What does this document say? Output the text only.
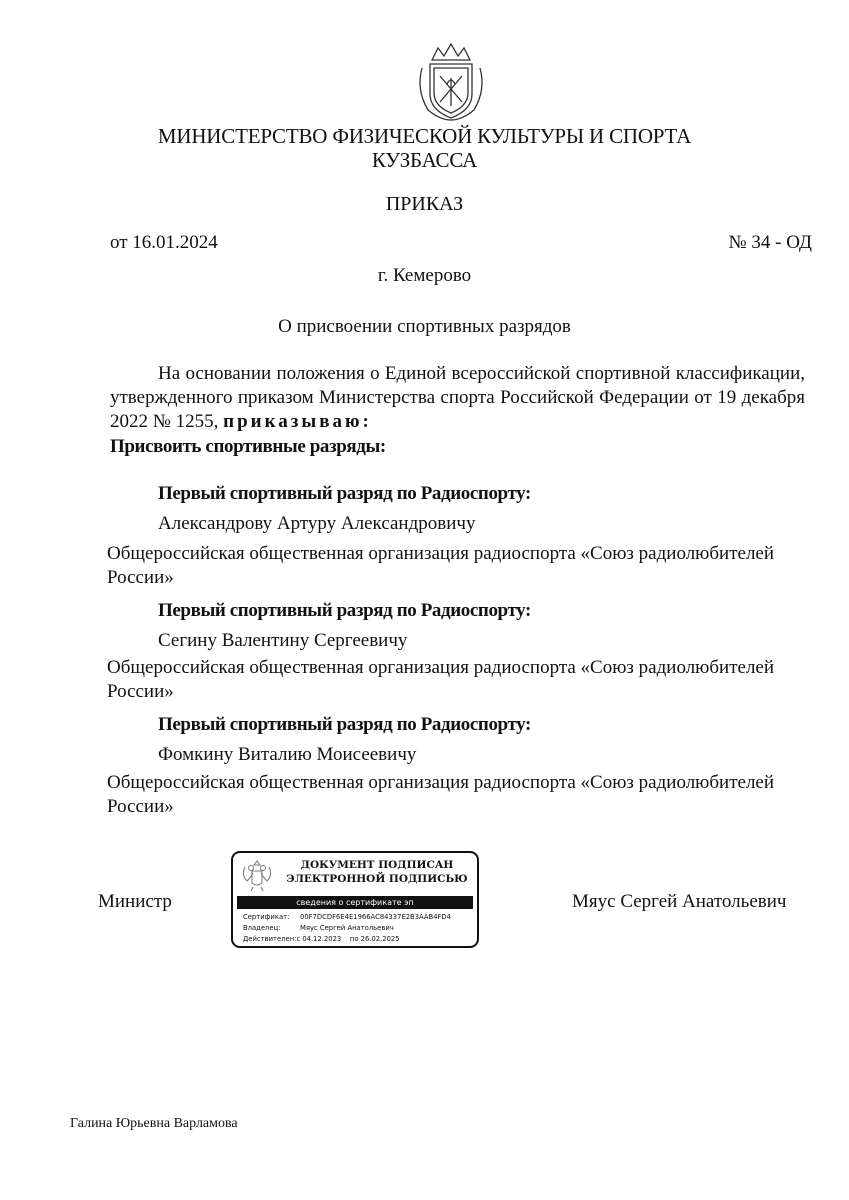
МИНИСТЕРСТВО ФИЗИЧЕСКОЙ КУЛЬТУРЫ И СПОРТА
КУЗБАССА
ПРИКАЗ
от 16.01.2024	№ 34 - ОД
г. Кемерово
О присвоении спортивных разрядов
На основании положения о Единой всероссийской спортивной классификации, утвержденного приказом Министерства спорта Российской Федерации от 19 декабря 2022 № 1255, приказываю:
Присвоить спортивные разряды:
Первый спортивный разряд по Радиоспорту:
Александрову Артуру Александровичу
Общероссийская общественная организация радиоспорта «Союз радиолюбителей России»
Первый спортивный разряд по Радиоспорту:
Сегину Валентину Сергеевичу
Общероссийская общественная организация радиоспорта «Союз радиолюбителей России»
Первый спортивный разряд по Радиоспорту:
Фомкину Виталию Моисеевичу
Общероссийская общественная организация радиоспорта «Союз радиолюбителей России»
Министр
ДОКУМЕНТ ПОДПИСАН
ЭЛЕКТРОННОЙ ПОДПИСЬЮ
сведения о сертификате эп
Сертификат: 00F7DCDF6E4E1966AC84337E2B3AAB4FD4
Владелец:	Мяус Сергей Анатольевич
Действителен:с 04.12.2023    по 26.02.2025
Мяус Сергей Анатольевич
Галина Юрьевна Варламова
